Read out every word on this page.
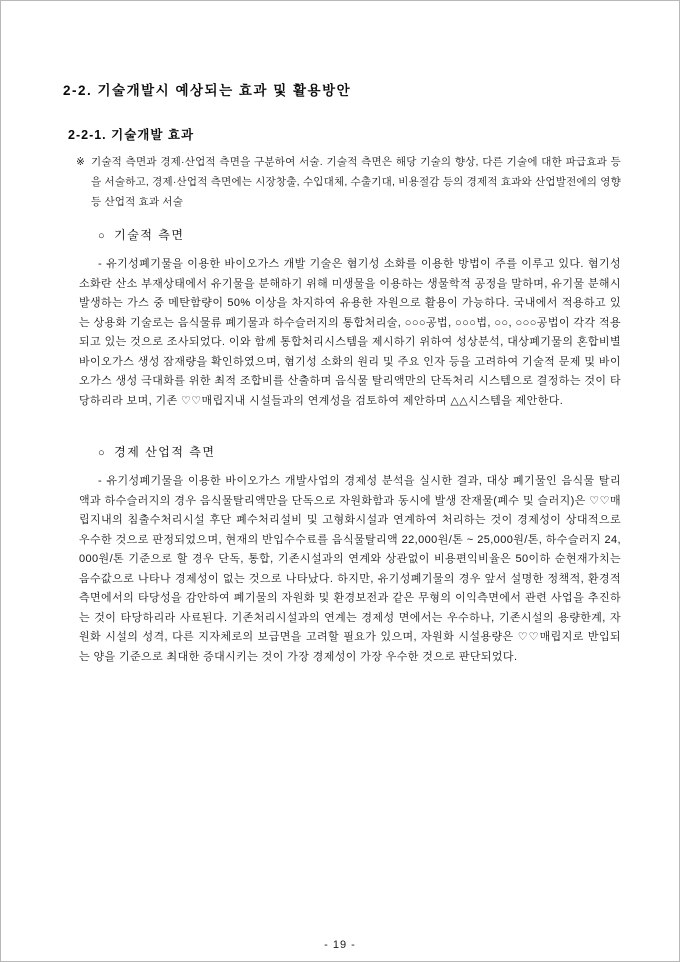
2-2. 기술개발시 예상되는 효과 및 활용방안
2-2-1. 기술개발 효과

※ 기술적 측면과 경제·산업적 측면을 구분하여 서술. 기술적 측면은 해당 기술의 향상, 다른 기술에 대한 파급효과 등을 서술하고, 경제·산업적 측면에는 시장창출, 수입대체, 수출기대, 비용절감 등의 경제적 효과와 산업발전에의 영향 등 산업적 효과 서술

○ 기술적 측면

- 유기성폐기물을 이용한 바이오가스 개발 기술은 혐기성 소화를 이용한 방법이 주를 이루고 있다. 혐기성 소화란 산소 부재상태에서 유기물을 분해하기 위해 미생물을 이용하는 생물학적 공정을 말하며, 유기물 분해시 발생하는 가스 중 메탄함량이 50% 이상을 차지하여 유용한 자원으로 활용이 가능하다. 국내에서 적용하고 있는 상용화 기술로는 음식물류 폐기물과 하수슬러지의 통합처리술, ○○○공법, ○○○법, ○○, ○○○공법이 각각 적용되고 있는 것으로 조사되었다. 이와 함께 통합처리시스템을 제시하기 위하여 성상분석, 대상폐기물의 혼합비별 바이오가스 생성 잠재량을 확인하였으며, 혐기성 소화의 원리 및 주요 인자 등을 고려하여 기술적 문제 및 바이오가스 생성 극대화를 위한 최적 조합비를 산출하며 음식물 탈리액만의 단독처리 시스템으로 결정하는 것이 타당하리라 보며, 기존 ♡♡매립지내 시설들과의 연계성을 검토하여 제안하며 △△시스템을 제안한다.

○ 경제 산업적 측면

- 유기성폐기물을 이용한 바이오가스 개발사업의 경제성 분석을 실시한 결과, 대상 폐기물인 음식물 탈리액과 하수슬러지의 경우 음식물탈리액만을 단독으로 자원화함과 동시에 발생 잔재물(폐수 및 슬러지)은 ♡♡매립지내의 침출수처리시설 후단 폐수처리설비 및 고형화시설과 연계하여 처리하는 것이 경제성이 상대적으로 우수한 것으로 판정되었으며, 현재의 반입수수료를 음식물탈리액 22,000원/톤 ~ 25,000원/톤, 하수슬러지 24,000원/톤 기준으로 할 경우 단독, 통합, 기존시설과의 연계와 상관없이 비용편익비율은 50이하 순현재가치는 음수값으로 나타나 경제성이 없는 것으로 나타났다. 하지만, 유기성폐기물의 경우 앞서 설명한 정책적, 환경적 측면에서의 타당성을 감안하여 폐기물의 자원화 및 환경보전과 같은 무형의 이익측면에서 관련 사업을 추진하는 것이 타당하리라 사료된다. 기존처리시설과의 연계는 경제성 면에서는 우수하나, 기존시설의 용량한계, 자원화 시설의 성격, 다른 지자체로의 보급면을 고려할 필요가 있으며, 자원화 시설용량은 ♡♡매립지로 반입되는 양을 기준으로 최대한 증대시키는 것이 가장 경제성이 가장 우수한 것으로 판단되었다.

- 19 -
